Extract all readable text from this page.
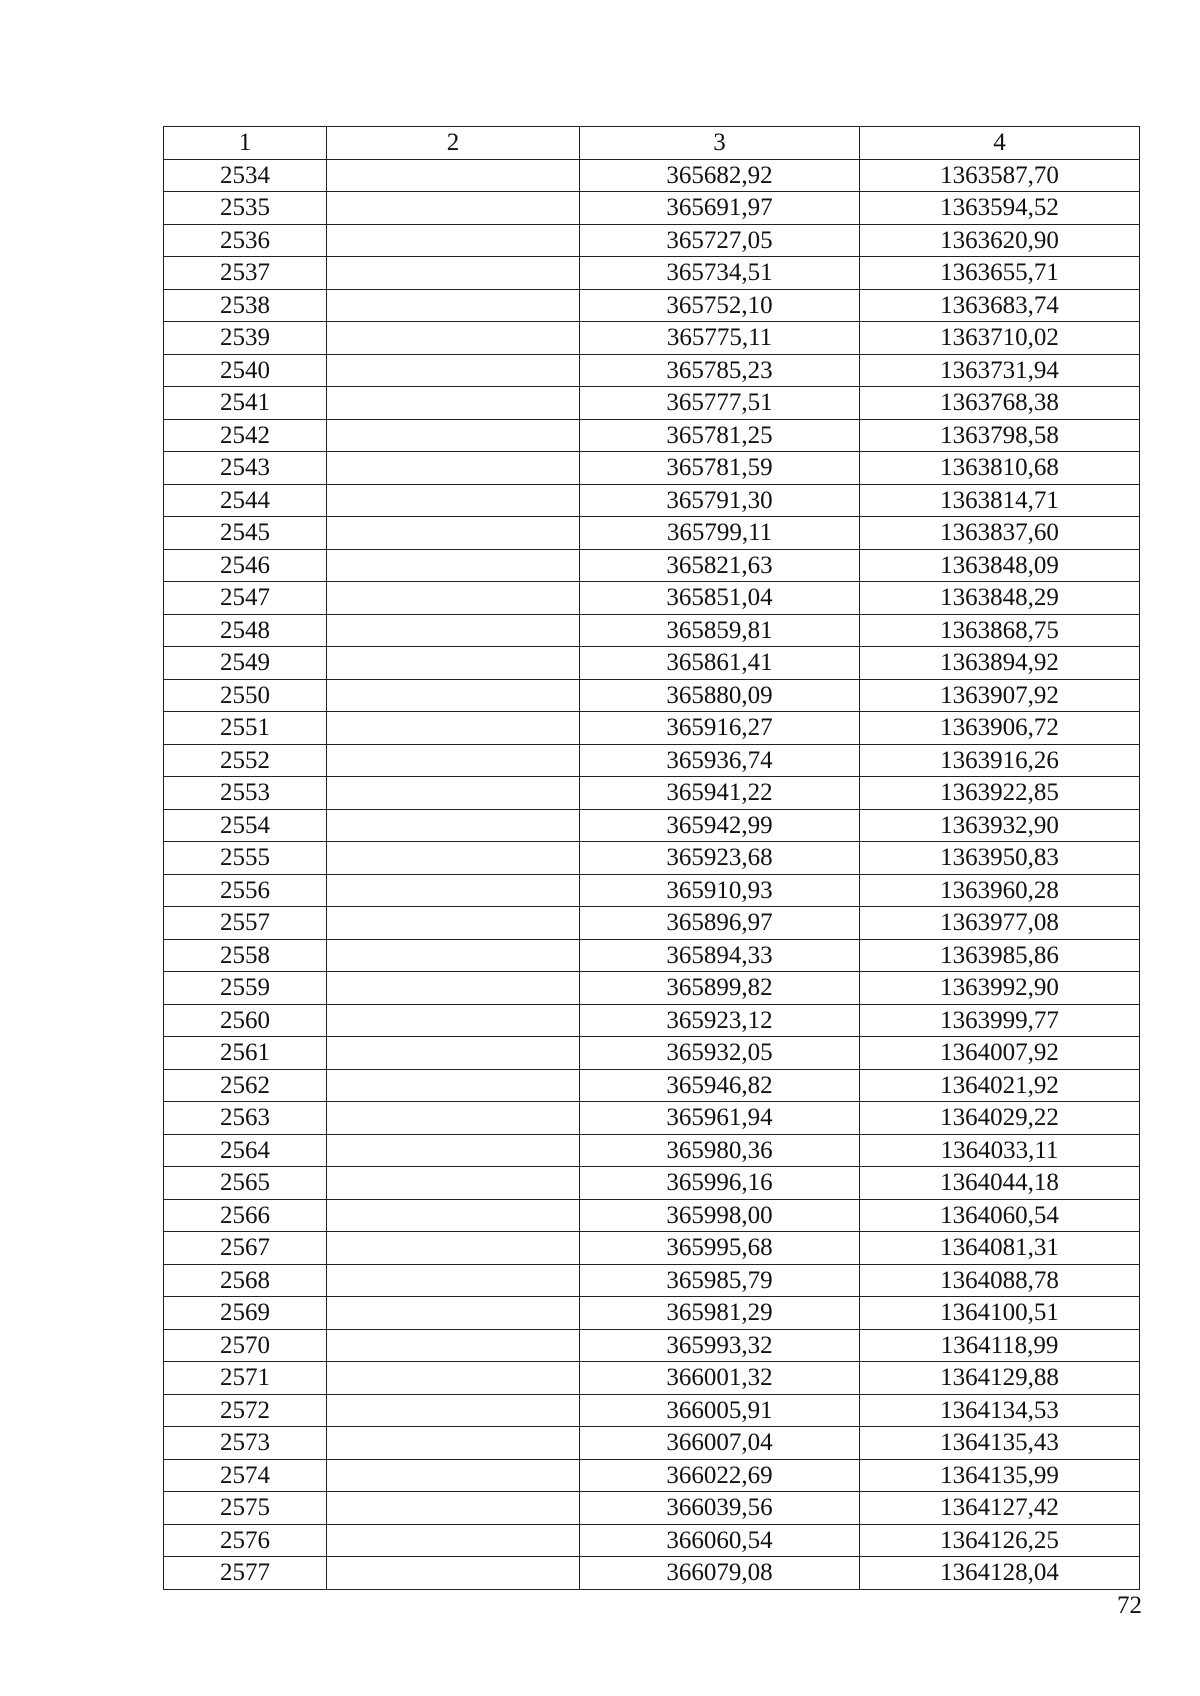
1	2	3	4
2534		365682,92	1363587,70
2535		365691,97	1363594,52
2536		365727,05	1363620,90
2537		365734,51	1363655,71
2538		365752,10	1363683,74
2539		365775,11	1363710,02
2540		365785,23	1363731,94
2541		365777,51	1363768,38
2542		365781,25	1363798,58
2543		365781,59	1363810,68
2544		365791,30	1363814,71
2545		365799,11	1363837,60
2546		365821,63	1363848,09
2547		365851,04	1363848,29
2548		365859,81	1363868,75
2549		365861,41	1363894,92
2550		365880,09	1363907,92
2551		365916,27	1363906,72
2552		365936,74	1363916,26
2553		365941,22	1363922,85
2554		365942,99	1363932,90
2555		365923,68	1363950,83
2556		365910,93	1363960,28
2557		365896,97	1363977,08
2558		365894,33	1363985,86
2559		365899,82	1363992,90
2560		365923,12	1363999,77
2561		365932,05	1364007,92
2562		365946,82	1364021,92
2563		365961,94	1364029,22
2564		365980,36	1364033,11
2565		365996,16	1364044,18
2566		365998,00	1364060,54
2567		365995,68	1364081,31
2568		365985,79	1364088,78
2569		365981,29	1364100,51
2570		365993,32	1364118,99
2571		366001,32	1364129,88
2572		366005,91	1364134,53
2573		366007,04	1364135,43
2574		366022,69	1364135,99
2575		366039,56	1364127,42
2576		366060,54	1364126,25
2577		366079,08	1364128,04
72
